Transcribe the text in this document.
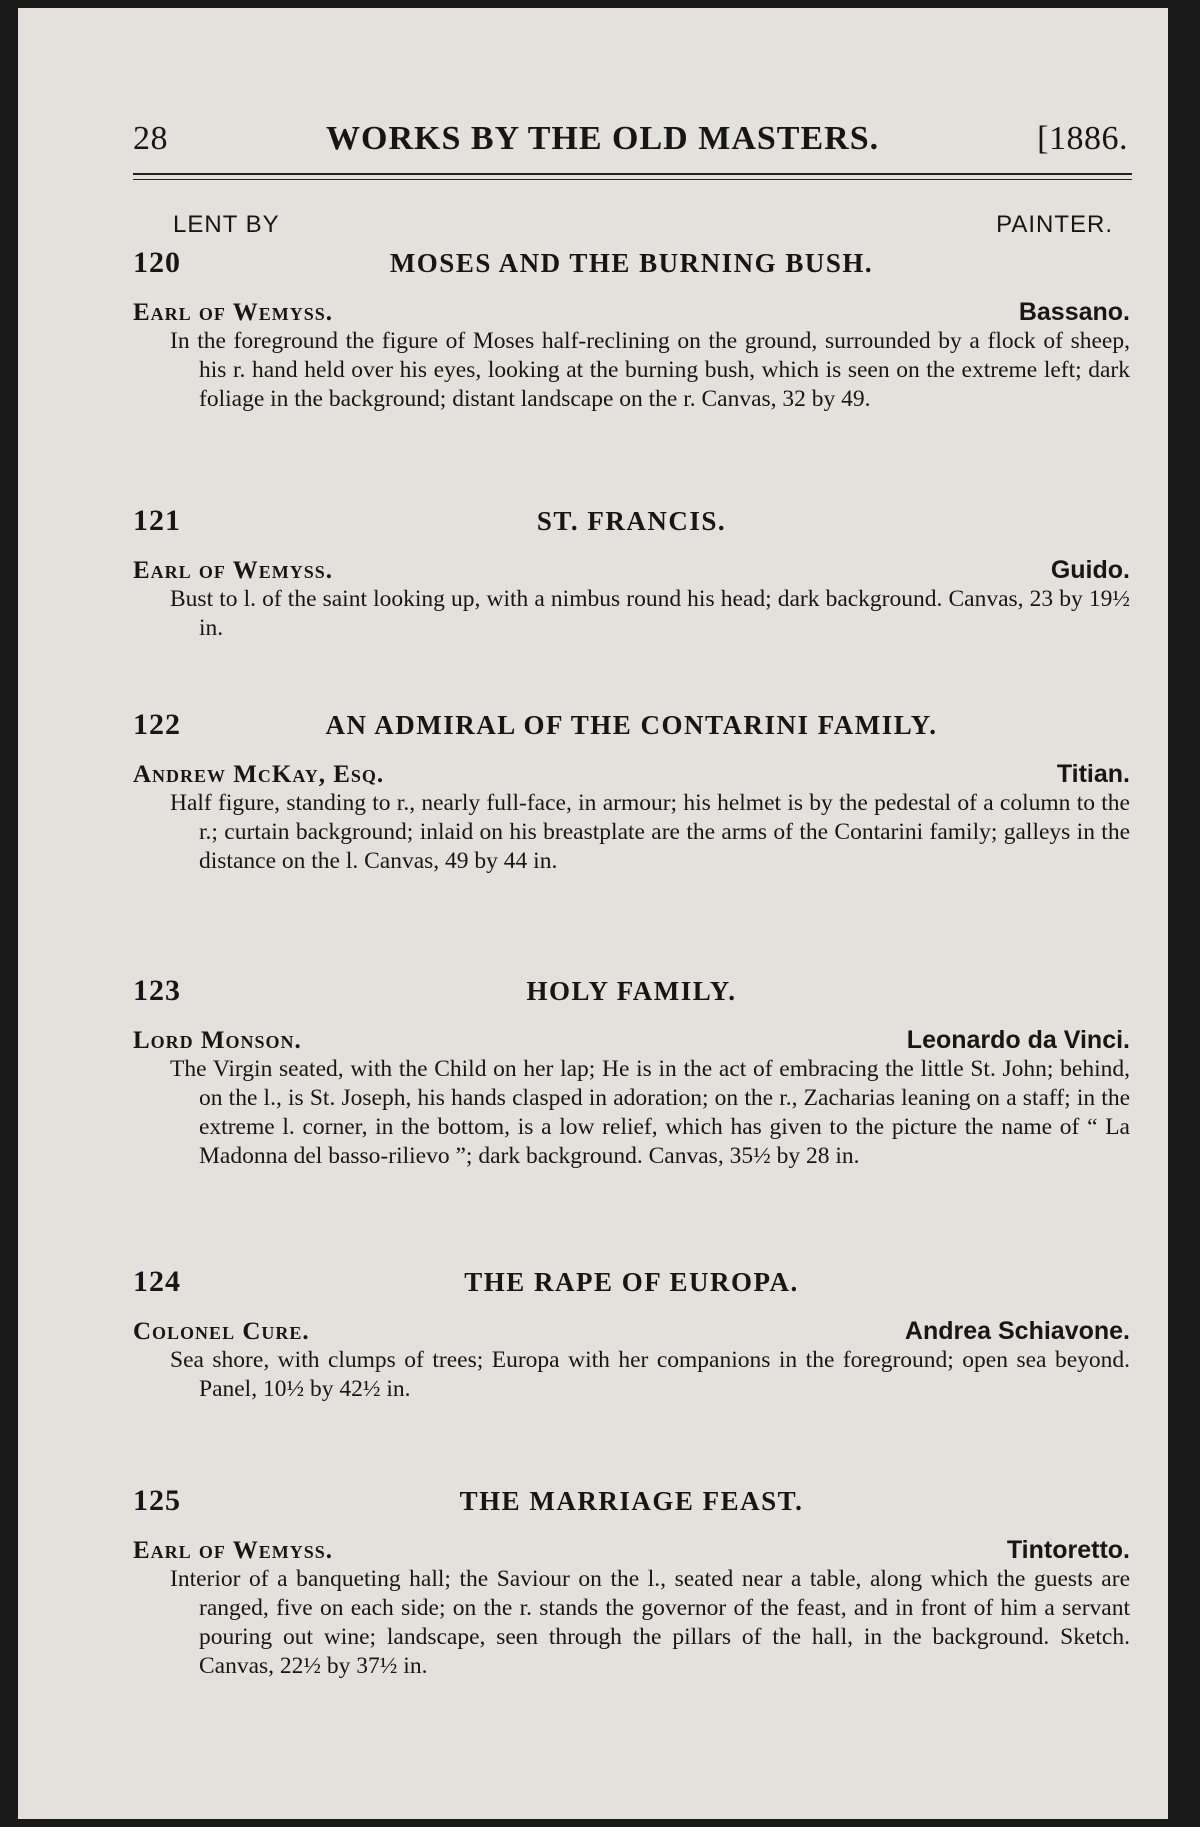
28	WORKS BY THE OLD MASTERS.	[1886.
LENT BY	PAINTER.
120	MOSES AND THE BURNING BUSH.
Earl of Wemyss.	Bassano.

In the foreground the figure of Moses half-reclining on the ground, surrounded by a flock of sheep, his r. hand held over his eyes, looking at the burning bush, which is seen on the extreme left; dark foliage in the background; distant landscape on the r. Canvas, 32 by 49.

121	ST. FRANCIS.
Earl of Wemyss.	Guido.

Bust to l. of the saint looking up, with a nimbus round his head; dark background. Canvas, 23 by 19½ in.

122	AN ADMIRAL OF THE CONTARINI FAMILY.
Andrew McKay, Esq.	Titian.

Half figure, standing to r., nearly full-face, in armour; his helmet is by the pedestal of a column to the r.; curtain background; inlaid on his breastplate are the arms of the Contarini family; galleys in the distance on the l. Canvas, 49 by 44 in.

123	HOLY FAMILY.
Lord Monson.	Leonardo da Vinci.

The Virgin seated, with the Child on her lap; He is in the act of embracing the little St. John; behind, on the l., is St. Joseph, his hands clasped in adoration; on the r., Zacharias leaning on a staff; in the extreme l. corner, in the bottom, is a low relief, which has given to the picture the name of “ La Madonna del basso-rilievo ”; dark background. Canvas, 35½ by 28 in.

124	THE RAPE OF EUROPA.
Colonel Cure.	Andrea Schiavone.

Sea shore, with clumps of trees; Europa with her companions in the foreground; open sea beyond. Panel, 10½ by 42½ in.

125	THE MARRIAGE FEAST.
Earl of Wemyss.	Tintoretto.

Interior of a banqueting hall; the Saviour on the l., seated near a table, along which the guests are ranged, five on each side; on the r. stands the governor of the feast, and in front of him a servant pouring out wine; landscape, seen through the pillars of the hall, in the background. Sketch. Canvas, 22½ by 37½ in.
